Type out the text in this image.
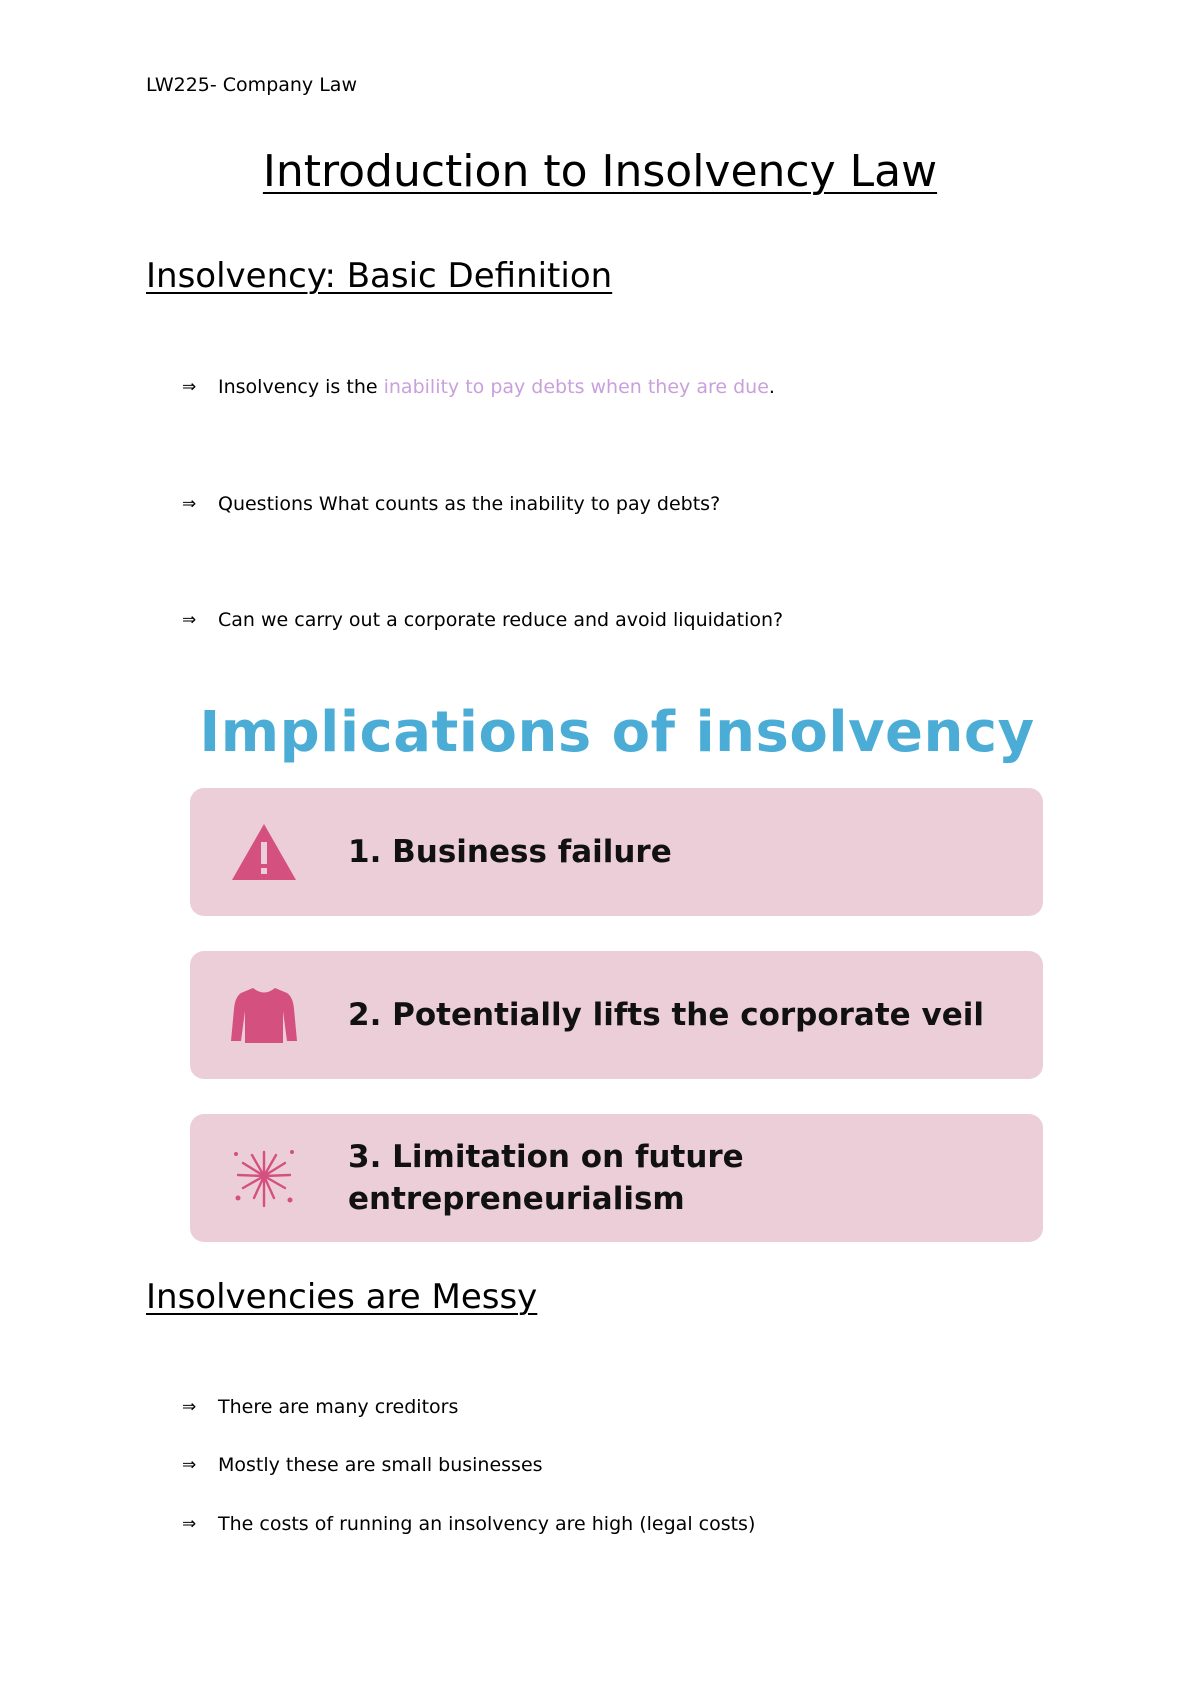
LW225- Company Law
Introduction to Insolvency Law
Insolvency: Basic Definition
⇒	Insolvency is the
inability to pay debts when they are due .
⇒	Questions What counts as the inability to pay debts?
⇒	Can we carry out a corporate reduce and avoid liquidation?
Implications of insolvency
1. Business failure
2. Potentially lifts the corporate veil
3. Limitation on future entrepreneurialism
Insolvencies are Messy
⇒	There are many creditors
⇒	Mostly these are small businesses
⇒	The costs of running an insolvency are high (legal costs)
